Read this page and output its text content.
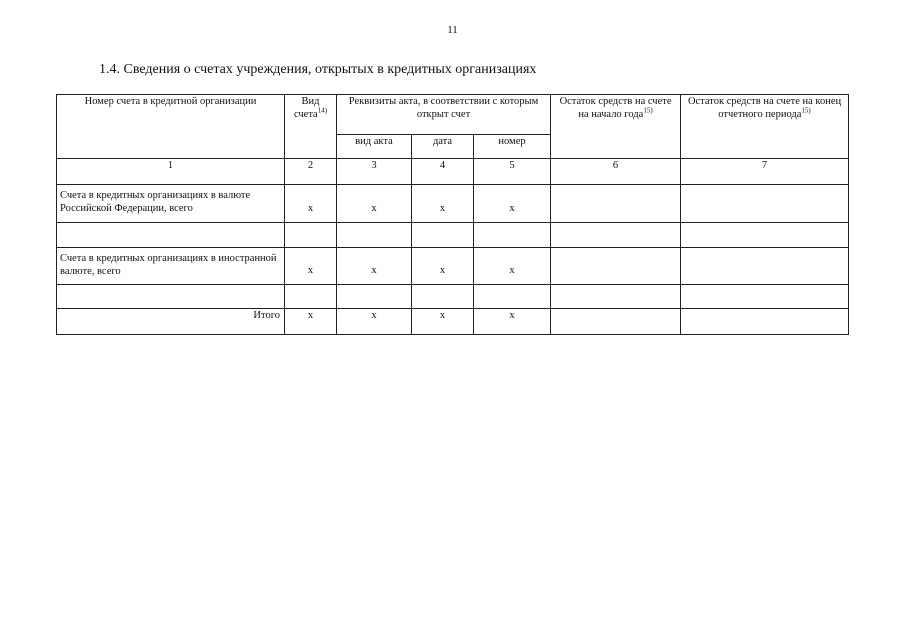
11
1.4. Сведения о счетах учреждения, открытых в кредитных организациях
Номер счета в кредитной организации	Вид счета$^{14)}$	Реквизиты акта, в соответствии с которым открыт счет			Остаток средств на счете на начало года$^{15)}$	Остаток средств на счете на конец отчетного периода$^{15)}$
		вид акта	дата	номер		
1	2	3	4	5	6	7
Счета в кредитных организациях в валюте Российской Федерации, всего	x	x	x	x		

Счета в кредитных организациях в иностранной валюте, всего	x	x	x	x		

Итого	x	x	x	x		
